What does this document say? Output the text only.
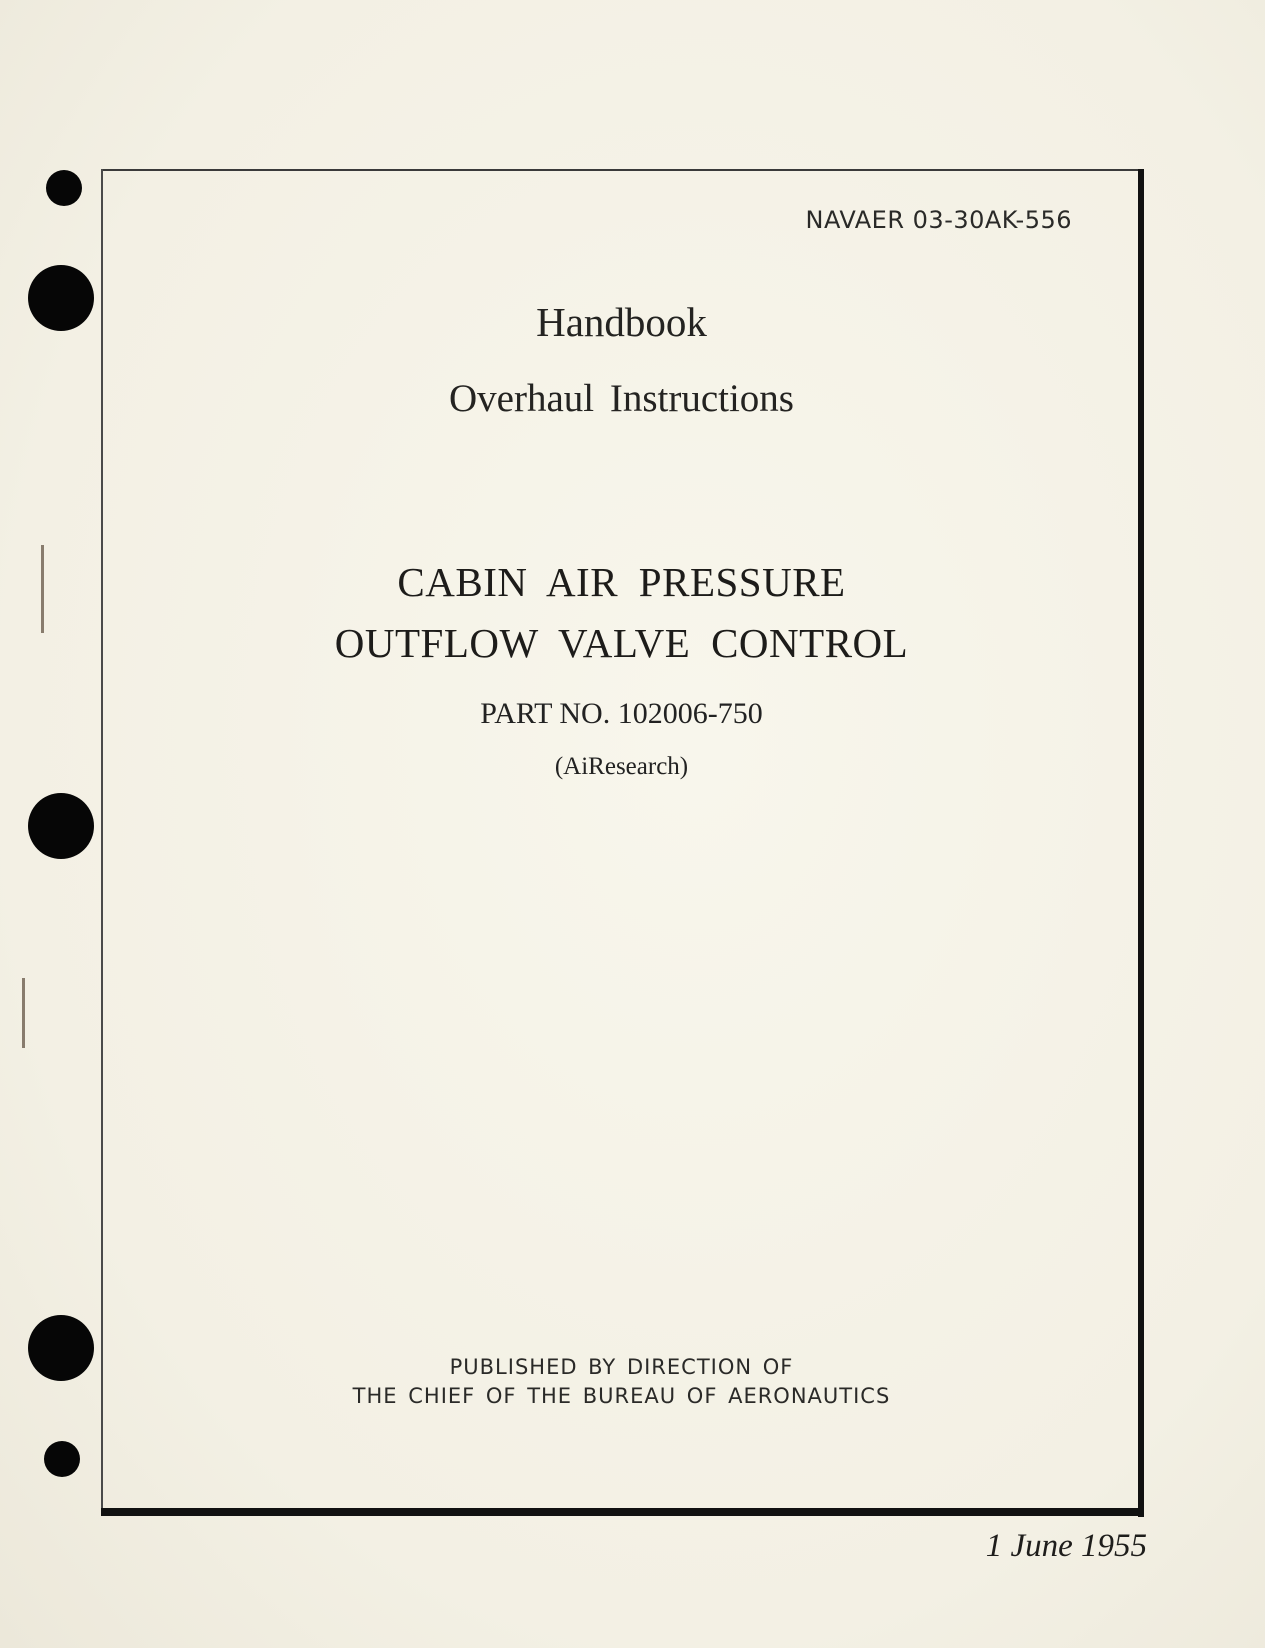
NAVAER 03-30AK-556
Handbook
Overhaul Instructions
CABIN AIR PRESSURE
OUTFLOW VALVE CONTROL
PART NO. 102006-750
(AiResearch)
PUBLISHED BY DIRECTION OF
THE CHIEF OF THE BUREAU OF AERONAUTICS
1 June 1955
